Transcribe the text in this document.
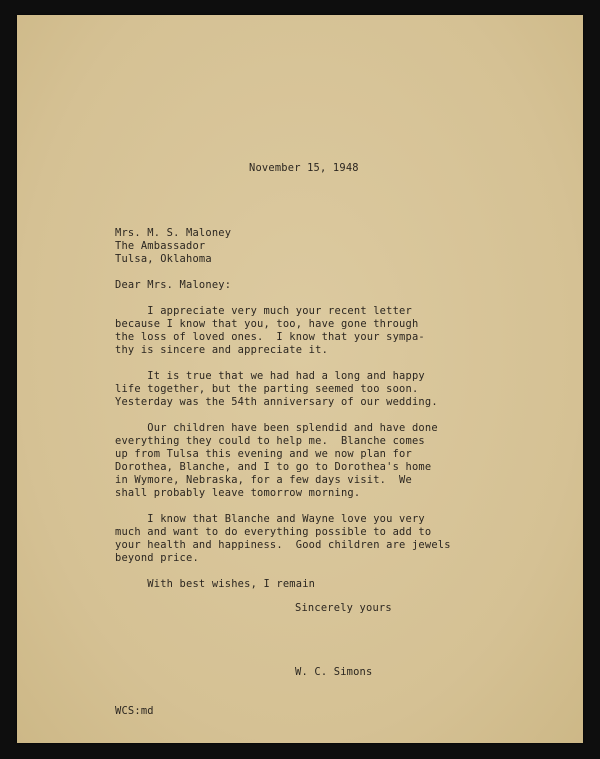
November 15, 1948
Mrs. M. S. Maloney
The Ambassador
Tulsa, Oklahoma
Dear Mrs. Maloney:
I appreciate very much your recent letter
because I know that you, too, have gone through
the loss of loved ones.  I know that your sympa-
thy is sincere and appreciate it.
It is true that we had had a long and happy
life together, but the parting seemed too soon.
Yesterday was the 54th anniversary of our wedding.
Our children have been splendid and have done
everything they could to help me.  Blanche comes
up from Tulsa this evening and we now plan for
Dorothea, Blanche, and I to go to Dorothea's home
in Wymore, Nebraska, for a few days visit.  We
shall probably leave tomorrow morning.
I know that Blanche and Wayne love you very
much and want to do everything possible to add to
your health and happiness.  Good children are jewels
beyond price.
With best wishes, I remain
Sincerely yours
W. C. Simons
WCS:md
